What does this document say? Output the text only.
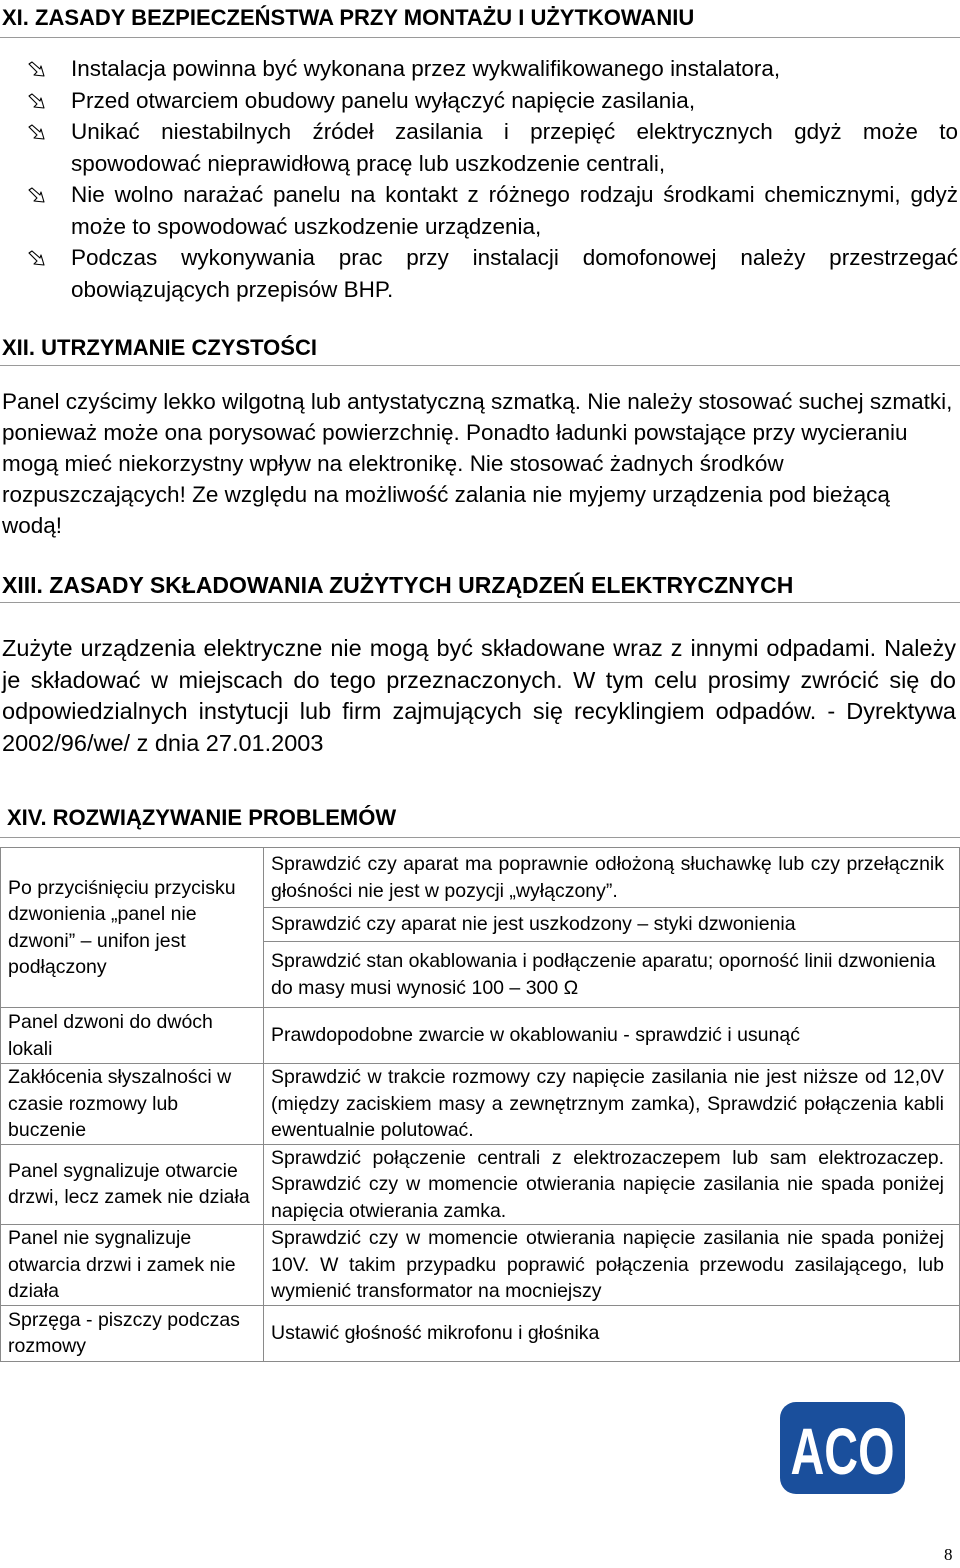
XI. ZASADY BEZPIECZEŃSTWA PRZY MONTAŻU I UŻYTKOWANIU
Instalacja powinna być wykonana przez wykwalifikowanego instalatora,
Przed otwarciem obudowy panelu wyłączyć napięcie zasilania,
Unikać niestabilnych źródeł zasilania i przepięć elektrycznych gdyż może to spowodować nieprawidłową pracę lub uszkodzenie centrali,
Nie wolno narażać panelu na kontakt z różnego rodzaju środkami chemicznymi, gdyż może to spowodować uszkodzenie urządzenia,
Podczas wykonywania prac przy instalacji domofonowej należy przestrzegać obowiązujących przepisów BHP.
XII. UTRZYMANIE CZYSTOŚCI

Panel czyścimy lekko wilgotną lub antystatyczną szmatką. Nie należy stosować suchej szmatki, ponieważ może ona porysować powierzchnię. Ponadto ładunki powstające przy wycieraniu mogą mieć niekorzystny wpływ na elektronikę. Nie stosować żadnych środków rozpuszczających! Ze względu na możliwość zalania nie myjemy urządzenia pod bieżącą wodą!

XIII. ZASADY SKŁADOWANIA ZUŻYTYCH URZĄDZEŃ ELEKTRYCZNYCH

Zużyte urządzenia elektryczne nie mogą być składowane wraz z innymi odpadami. Należy je składować w miejscach do tego przeznaczonych. W tym celu prosimy zwrócić się do odpowiedzialnych instytucji lub firm zajmujących się recyklingiem odpadów. - Dyrektywa 2002/96/we/ z dnia 27.01.2003

XIV. ROZWIĄZYWANIE PROBLEMÓW
Po przyciśnięciu przycisku dzwonienia „panel nie dzwoni” – unifon jest podłączony	Sprawdzić czy aparat ma poprawnie odłożoną słuchawkę lub czy przełącznik głośności nie jest w pozycji „wyłączony”.
	Sprawdzić czy aparat nie jest uszkodzony – styki dzwonienia
	Sprawdzić stan okablowania i podłączenie aparatu; oporność linii dzwonienia do masy musi wynosić 100 – 300 Ω
Panel dzwoni do dwóch lokali	Prawdopodobne zwarcie w okablowaniu - sprawdzić i usunąć
Zakłócenia słyszalności w czasie rozmowy lub buczenie	Sprawdzić w trakcie rozmowy czy napięcie zasilania nie jest niższe od 12,0V (między zaciskiem masy a zewnętrznym zamka), Sprawdzić połączenia kabli ewentualnie polutować.
Panel sygnalizuje otwarcie drzwi, lecz zamek nie działa	Sprawdzić połączenie centrali z elektrozaczepem lub sam elektrozaczep. Sprawdzić czy w momencie otwierania napięcie zasilania nie spada poniżej napięcia otwierania zamka.
Panel nie sygnalizuje otwarcia drzwi i zamek nie działa	Sprawdzić czy w momencie otwierania napięcie zasilania nie spada poniżej 10V. W takim przypadku poprawić połączenia przewodu zasilającego, lub wymienić transformator na mocniejszy
Sprzęga - piszczy podczas rozmowy	Ustawić głośność mikrofonu i głośnika
ACO
8
